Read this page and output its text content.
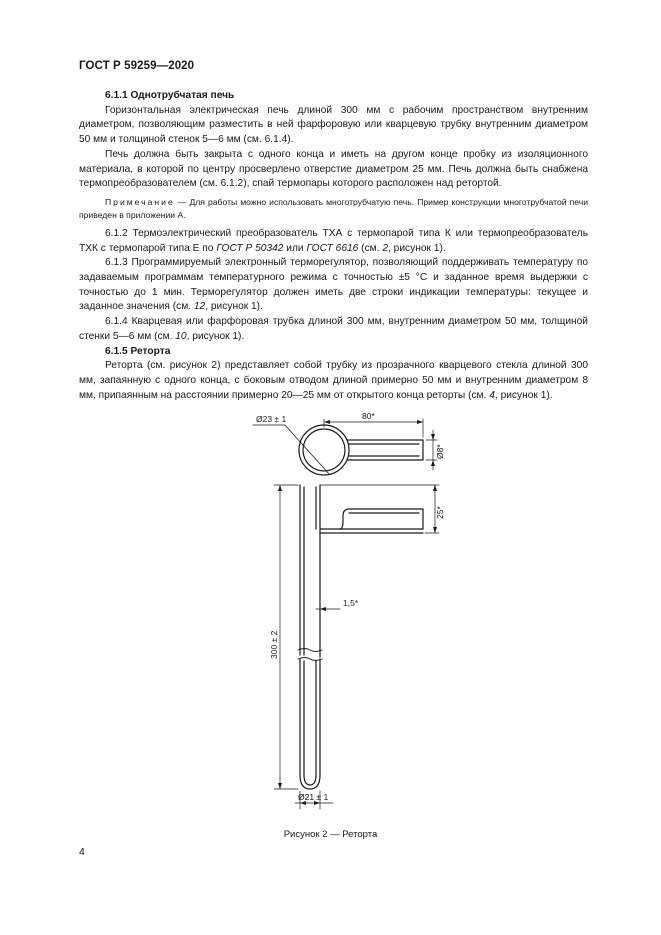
ГОСТ Р 59259—2020

6.1.1 Однотрубчатая печь

Горизонтальная электрическая печь длиной 300 мм с рабочим пространством внутренним диаметром, позволяющим разместить в ней фарфоровую или кварцевую трубку внутренним диаметром 50 мм и толщиной стенок 5—6 мм (см. 6.1.4).

Печь должна быть закрыта с одного конца и иметь на другом конце пробку из изоляционного материала, в которой по центру просверлено отверстие диаметром 25 мм. Печь должна быть снабжена термопреобразователем (см. 6.1.2), спай термопары которого расположен над ретортой.

Примечание — Для работы можно использовать многотрубчатую печь. Пример конструкции многотрубчатой печи приведен в приложении А.

6.1.2 Термоэлектрический преобразователь ТХА с термопарой типа К или термопреобразователь ТХК с термопарой типа Е по ГОСТ Р 50342 или ГОСТ 6616 (см. 2, рисунок 1).

6.1.3 Программируемый электронный терморегулятор, позволяющий поддерживать температуру по задаваемым программам температурного режима с точностью ±5 °С и заданное время выдержки с точностью до 1 мин. Терморегулятор должен иметь две строки индикации температуры: текущее и заданное значения (см. 12, рисунок 1).

6.1.4 Кварцевая или фарфоровая трубка длиной 300 мм, внутренним диаметром 50 мм, толщиной стенки 5—6 мм (см. 10, рисунок 1).

6.1.5 Реторта

Реторта (см. рисунок 2) представляет собой трубку из прозрачного кварцевого стекла длиной 300 мм, запаянную с одного конца, с боковым отводом длиной примерно 50 мм и внутренним диаметром 8 мм, припаянным на расстоянии примерно 20—25 мм от открытого конца реторты (см. 4, рисунок 1).

Ø23 ± 1	80*
Ø8*
25*
1,5*
300 ± 2
Ø21 ± 1
Рисунок 2 — Реторта
4
